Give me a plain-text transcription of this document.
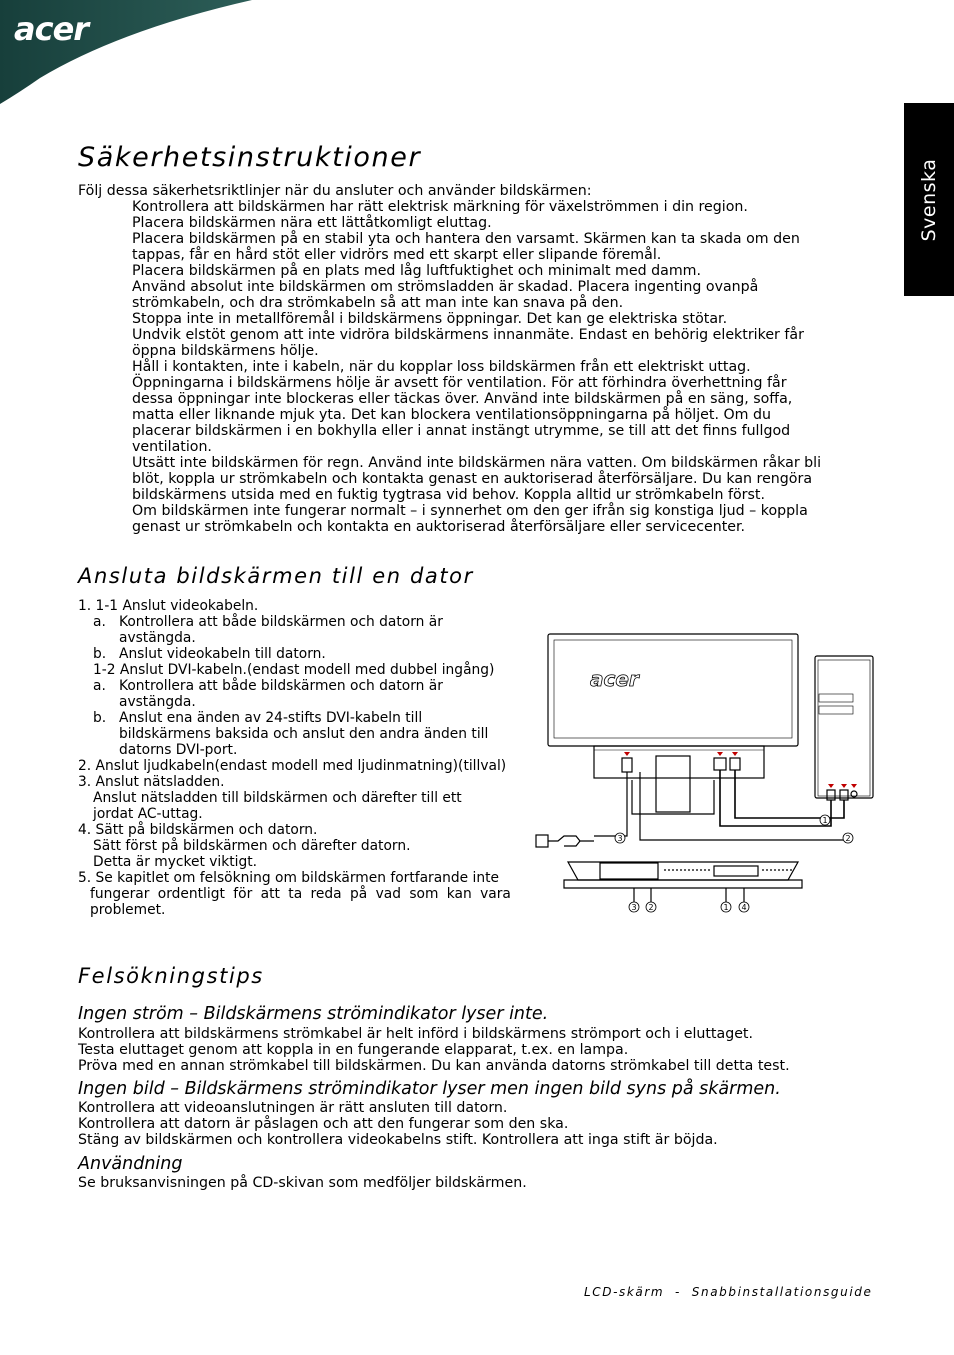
acer
Svenska
Säkerhetsinstruktioner
Följ dessa säkerhetsriktlinjer när du ansluter och använder bildskärmen:
Kontrollera att bildskärmen har rätt elektrisk märkning för växelströmmen i din region.
Placera bildskärmen nära ett lättåtkomligt eluttag.
Placera bildskärmen på en stabil yta och hantera den varsamt. Skärmen kan ta skada om den
tappas, får en hård stöt eller vidrörs med ett skarpt eller slipande föremål.
Placera bildskärmen på en plats med låg luftfuktighet och minimalt med damm.
Använd absolut inte bildskärmen om strömsladden är skadad. Placera ingenting ovanpå
strömkabeln, och dra strömkabeln så att man inte kan snava på den.
Stoppa inte in metallföremål i bildskärmens öppningar. Det kan ge elektriska stötar.
Undvik elstöt genom att inte vidröra bildskärmens innanmäte. Endast en behörig elektriker får
öppna bildskärmens hölje.
Håll i kontakten, inte i kabeln, när du kopplar loss bildskärmen från ett elektriskt uttag.
Öppningarna i bildskärmens hölje är avsett för ventilation. För att förhindra överhettning får
dessa öppningar inte blockeras eller täckas över. Använd inte bildskärmen på en säng, soffa,
matta eller liknande mjuk yta. Det kan blockera ventilationsöppningarna på höljet. Om du
placerar bildskärmen i en bokhylla eller i annat instängt utrymme, se till att det finns fullgod
ventilation.
Utsätt inte bildskärmen för regn. Använd inte bildskärmen nära vatten. Om bildskärmen råkar bli
blöt, koppla ur strömkabeln och kontakta genast en auktoriserad återförsäljare. Du kan rengöra
bildskärmens utsida med en fuktig tygtrasa vid behov. Koppla alltid ur strömkabeln först.
Om bildskärmen inte fungerar normalt – i synnerhet om den ger ifrån sig konstiga ljud – koppla
genast ur strömkabeln och kontakta en auktoriserad återförsäljare eller servicecenter.
Ansluta bildskärmen till en dator
1. 1-1 Anslut videokabeln.
a. Kontrollera att både bildskärmen och datorn är
avstängda.
b. Anslut videokabeln till datorn.
1-2 Anslut DVI-kabeln.(endast modell med dubbel ingång)
a. Kontrollera att både bildskärmen och datorn är
avstängda.
b. Anslut ena änden av 24-stifts DVI-kabeln till
bildskärmens baksida och anslut den andra änden till
datorns DVI-port.
2. Anslut ljudkabeln(endast modell med ljudinmatning)(tillval)
3. Anslut nätsladden.
Anslut nätsladden till bildskärmen och därefter till ett
jordat AC-uttag.
4. Sätt på bildskärmen och datorn.
Sätt först på bildskärmen och därefter datorn.
Detta är mycket viktigt.
5. Se kapitlet om felsökning om bildskärmen fortfarande inte
fungerar ordentligt för att ta reda på vad som kan vara
problemet.
acer
1
2
3
3 2	1 4
Felsökningstips
Ingen ström – Bildskärmens strömindikator lyser inte.
Kontrollera att bildskärmens strömkabel är helt införd i bildskärmens strömport och i eluttaget.
Testa eluttaget genom att koppla in en fungerande elapparat, t.ex. en lampa.
Pröva med en annan strömkabel till bildskärmen. Du kan använda datorns strömkabel till detta test.
Ingen bild – Bildskärmens strömindikator lyser men ingen bild syns på skärmen.
Kontrollera att videoanslutningen är rätt ansluten till datorn.
Kontrollera att datorn är påslagen och att den fungerar som den ska.
Stäng av bildskärmen och kontrollera videokabelns stift. Kontrollera att inga stift är böjda.
Användning
Se bruksanvisningen på CD-skivan som medföljer bildskärmen.
LCD-skärm  -  Snabbinstallationsguide
